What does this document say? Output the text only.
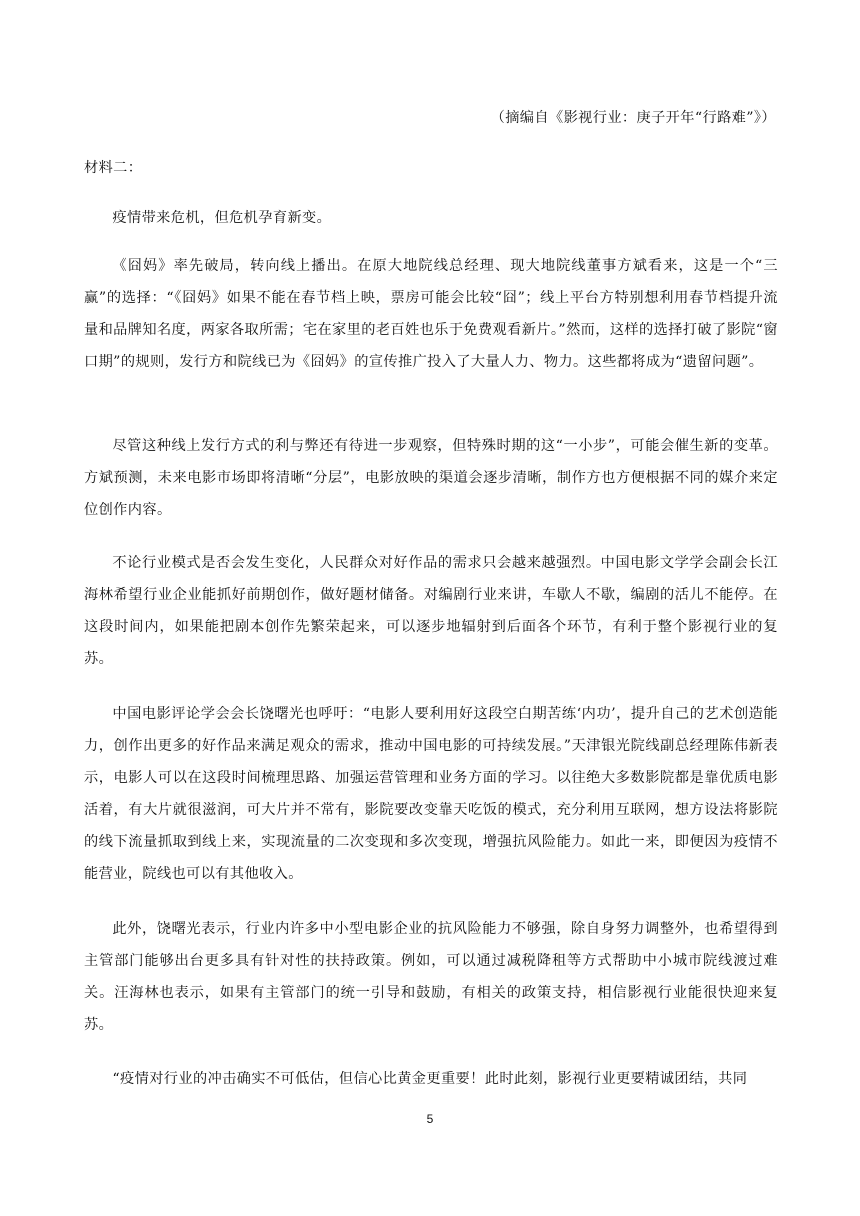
（摘编自《影视行业：庚子开年“行路难”》）
材料二：

疫情带来危机，但危机孕育新变。

《囧妈》率先破局，转向线上播出。在原大地院线总经理、现大地院线董事方斌看来，这是一个“三赢”的选择：“《囧妈》如果不能在春节档上映，票房可能会比较“囧”；线上平台方特别想利用春节档提升流量和品牌知名度，两家各取所需；宅在家里的老百姓也乐于免费观看新片。”然而，这样的选择打破了影院“窗口期”的规则，发行方和院线已为《囧妈》的宣传推广投入了大量人力、物力。这些都将成为“遗留问题”。

尽管这种线上发行方式的利与弊还有待进一步观察，但特殊时期的这“一小步”，可能会催生新的变革。方斌预测，未来电影市场即将清晰“分层”，电影放映的渠道会逐步清晰，制作方也方便根据不同的媒介来定位创作内容。

不论行业模式是否会发生变化，人民群众对好作品的需求只会越来越强烈。中国电影文学学会副会长江海林希望行业企业能抓好前期创作，做好题材储备。对编剧行业来讲，车歇人不歇，编剧的活儿不能停。在这段时间内，如果能把剧本创作先繁荣起来，可以逐步地辐射到后面各个环节，有利于整个影视行业的复苏。

中国电影评论学会会长饶曙光也呼吁：“电影人要利用好这段空白期苦练‘内功’，提升自己的艺术创造能力，创作出更多的好作品来满足观众的需求，推动中国电影的可持续发展。”天津银光院线副总经理陈伟新表示，电影人可以在这段时间梳理思路、加强运营管理和业务方面的学习。以往绝大多数影院都是靠优质电影活着，有大片就很滋润，可大片并不常有，影院要改变靠天吃饭的模式，充分利用互联网，想方设法将影院的线下流量抓取到线上来，实现流量的二次变现和多次变现，增强抗风险能力。如此一来，即便因为疫情不能营业，院线也可以有其他收入。

此外，饶曙光表示，行业内许多中小型电影企业的抗风险能力不够强，除自身努力调整外，也希望得到主管部门能够出台更多具有针对性的扶持政策。例如，可以通过减税降租等方式帮助中小城市院线渡过难关。汪海林也表示，如果有主管部门的统一引导和鼓励，有相关的政策支持，相信影视行业能很快迎来复苏。

“疫情对行业的冲击确实不可低估，但信心比黄金更重要！此时此刻，影视行业更要精诚团结，共同

5
